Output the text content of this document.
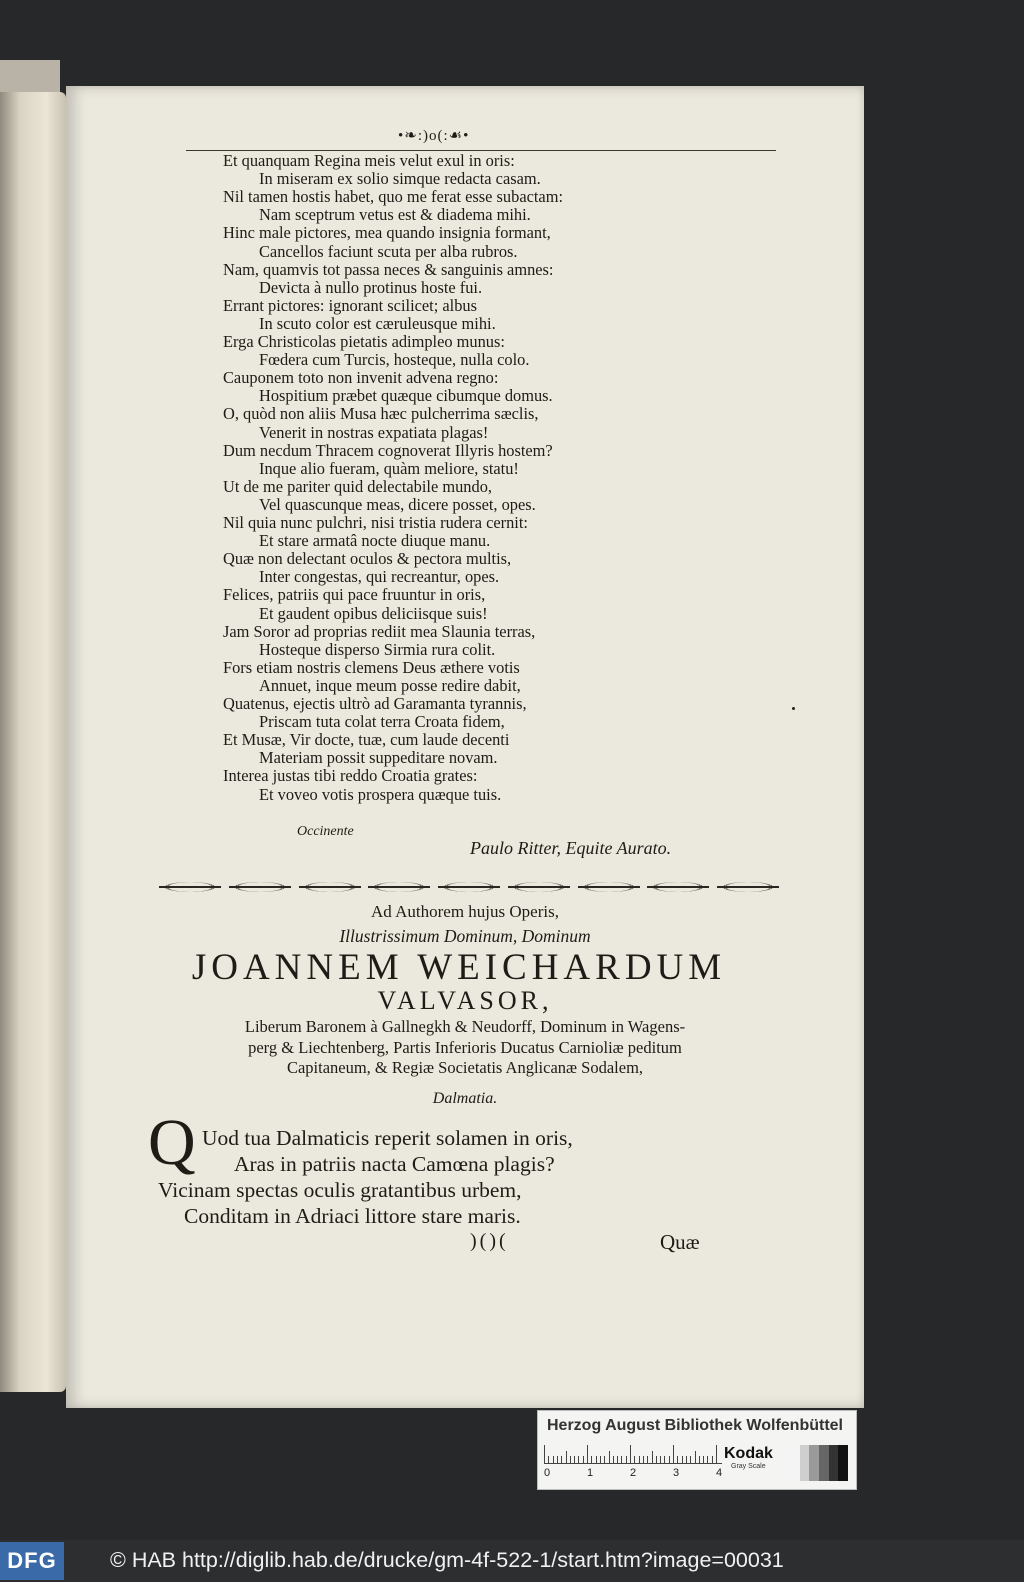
•❧:)o(:☙•
Et quanquam Regina meis velut exul in oris:
In miseram ex solio simque redacta casam.
Nil tamen hostis habet, quo me ferat esse subactam:
Nam sceptrum vetus est & diadema mihi.
Hinc male pictores, mea quando insignia formant,
Cancellos faciunt scuta per alba rubros.
Nam, quamvis tot passa neces & sanguinis amnes:
Devicta à nullo protinus hoste fui.
Errant pictores: ignorant scilicet; albus
In scuto color est cæruleusque mihi.
Erga Christicolas pietatis adimpleo munus:
Fœdera cum Turcis, hosteque, nulla colo.
Cauponem toto non invenit advena regno:
Hospitium præbet quæque cibumque domus.
O, quòd non aliis Musa hæc pulcherrima sæclis,
Venerit in nostras expatiata plagas!
Dum necdum Thracem cognoverat Illyris hostem?
Inque alio fueram, quàm meliore, statu!
Ut de me pariter quid delectabile mundo,
Vel quascunque meas, dicere posset, opes.
Nil quia nunc pulchri, nisi tristia rudera cernit:
Et stare armatâ nocte diuque manu.
Quæ non delectant oculos & pectora multis,
Inter congestas, qui recreantur, opes.
Felices, patriis qui pace fruuntur in oris,
Et gaudent opibus deliciisque suis!
Jam Soror ad proprias rediit mea Slaunia terras,
Hosteque disperso Sirmia rura colit.
Fors etiam nostris clemens Deus æthere votis
Annuet, inque meum posse redire dabit,
Quatenus, ejectis ultrò ad Garamanta tyrannis,
Priscam tuta colat terra Croata fidem,
Et Musæ, Vir docte, tuæ, cum laude decenti
Materiam possit suppeditare novam.
Interea justas tibi reddo Croatia grates:
Et voveo votis prospera quæque tuis.
Occinente
Paulo Ritter, Equite Aurato.
Ad Authorem hujus Operis,
Illustrissimum Dominum, Dominum
JOANNEM WEICHARDUM
VALVASOR,
Liberum Baronem à Gallnegkh & Neudorff, Dominum in Wagens-
perg & Liechtenberg, Partis Inferioris Ducatus Carnioliæ peditum
Capitaneum, & Regiæ Societatis Anglicanæ Sodalem,
Dalmatia.
Q Uod tua Dalmaticis reperit solamen in oris,
Aras in patriis nacta Camœna plagis?
Vicinam spectas oculis gratantibus urbem,
Conditam in Adriaci littore stare maris.
)()(	Quæ
Herzog August Bibliothek Wolfenbüttel
0	1	2	3	4
Kodak
Gray Scale
DFG	© HAB http://diglib.hab.de/drucke/gm-4f-522-1/start.htm?image=00031
